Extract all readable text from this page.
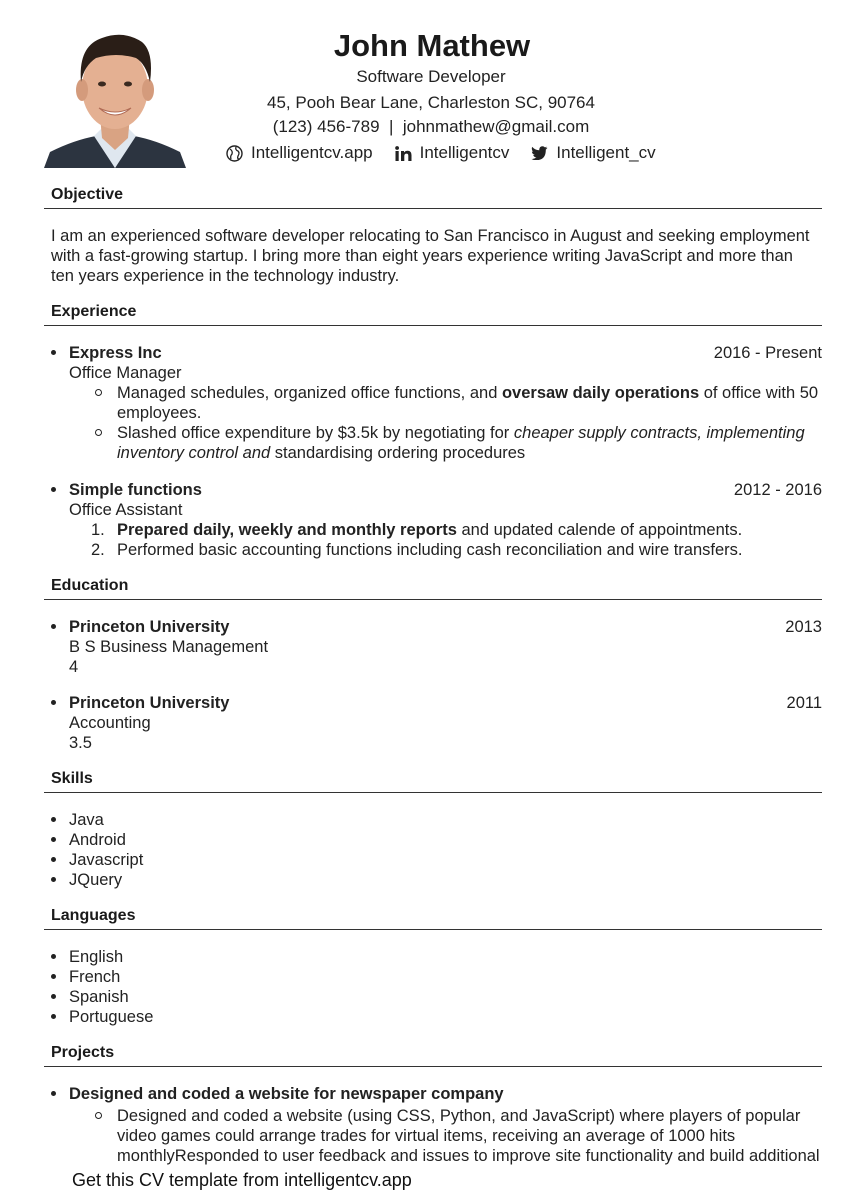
John Mathew
Software Developer
45, Pooh Bear Lane, Charleston SC, 90764
(123) 456-789 | johnmathew@gmail.com
Intelligentcv.app	Intelligentcv	Intelligent_cv
Objective
I am an experienced software developer relocating to San Francisco in August and seeking employment
with a fast-growing startup. I bring more than eight years experience writing JavaScript and more than
ten years experience in the technology industry.
Experience
Express Inc	2016 - Present
Office Manager
Managed schedules, organized office functions, and oversaw daily operations of office with 50
employees.
Slashed office expenditure by $3.5k by negotiating for cheaper supply contracts, implementing
inventory control and standardising ordering procedures
Simple functions	2012 - 2016
Office Assistant
1. Prepared daily, weekly and monthly reports and updated calende of appointments.
2. Performed basic accounting functions including cash reconciliation and wire transfers.
Education
Princeton University	2013
B S Business Management
4
Princeton University	2011
Accounting
3.5
Skills
Java
Android
Javascript
JQuery
Languages
English
French
Spanish
Portuguese
Projects
Designed and coded a website for newspaper company
Designed and coded a website (using CSS, Python, and JavaScript) where players of popular
video games could arrange trades for virtual items, receiving an average of 1000 hits
monthlyResponded to user feedback and issues to improve site functionality and build additional
Get this CV template from intelligentcv.app
